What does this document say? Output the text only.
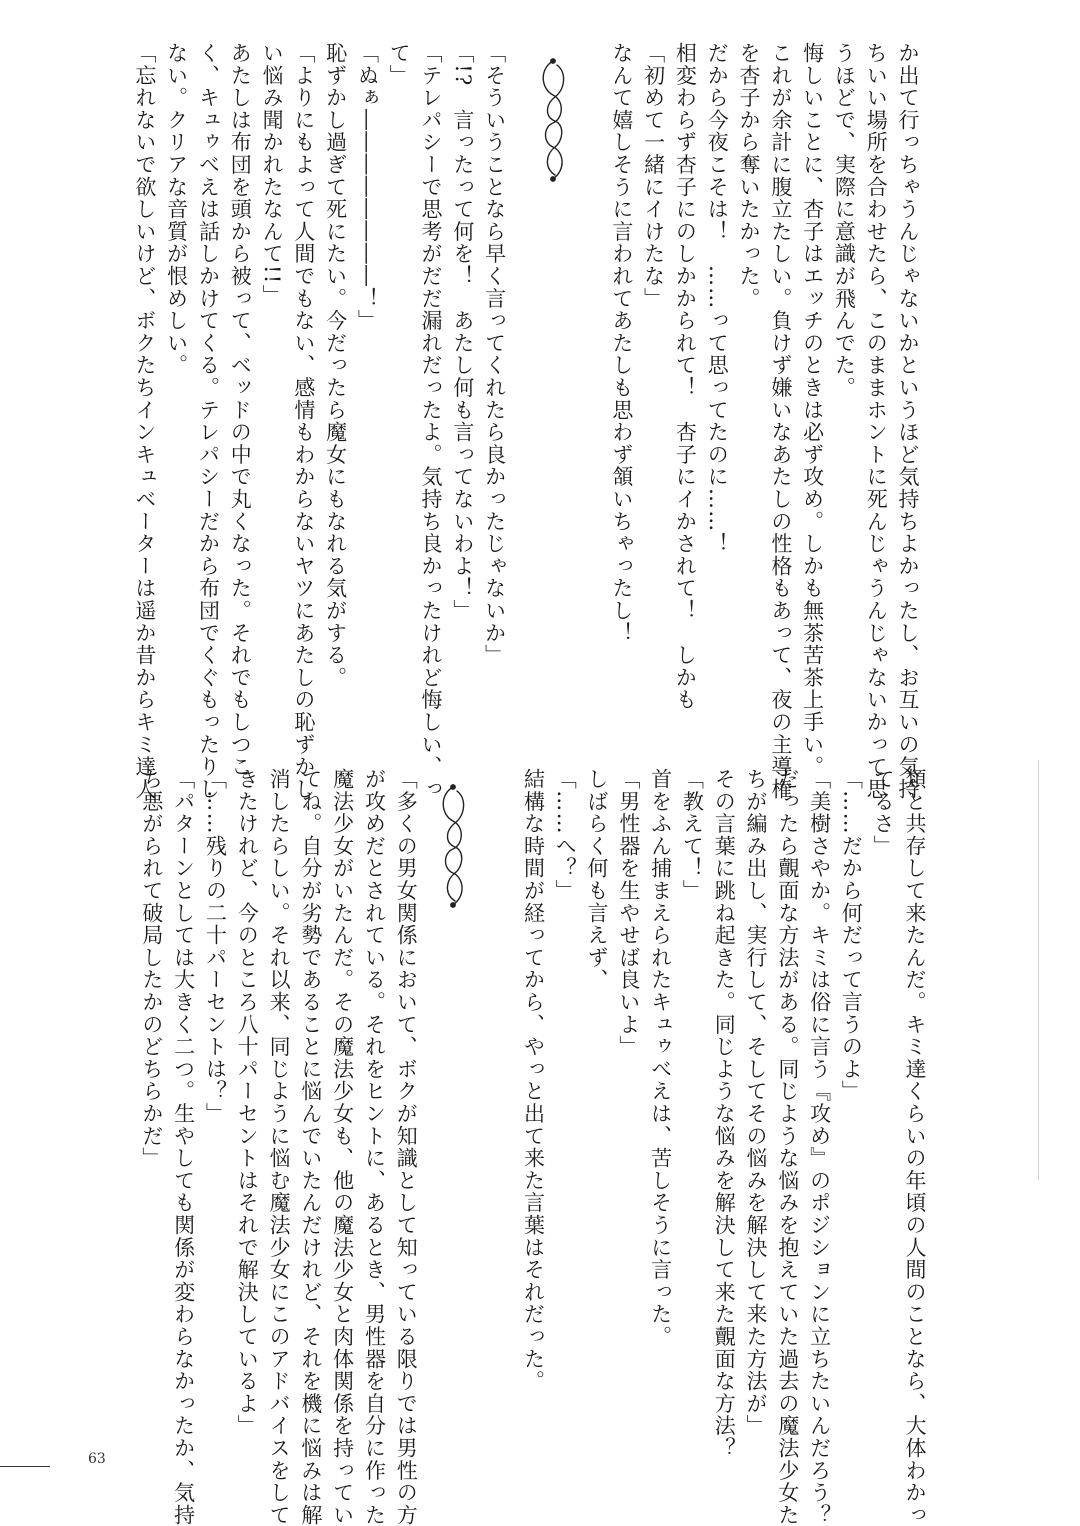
か出て行っちゃうんじゃないかというほど気持ちよかったし、お互いの気持

ちいい場所を合わせたら、このままホントに死んじゃうんじゃないかって思

うほどで、実際に意識が飛んでた。

悔しいことに、杏子はエッチのときは必ず攻め。しかも無茶苦茶上手い。

これが余計に腹立たしい。負けず嫌いなあたしの性格もあって、夜の主導権

を杏子から奪いたかった。

だから今夜こそは！　……って思ってたのに……！

相変わらず杏子にのしかかられて！　杏子にイかされて！　しかも

「初めて一緒にイけたな」

なんて嬉しそうに言われてあたしも思わず頷いちゃったし！

「そういうことなら早く言ってくれたら良かったじゃないか」

「!?　言ったって何を！　あたし何も言ってないわよ！」

「テレパシーで思考がだだ漏れだったよ。気持ち良かったけれど悔しい、っ

て」

「ぬぁ――――――――！」

恥ずかし過ぎて死にたい。今だったら魔女にもなれる気がする。

「よりにもよって人間でもない、感情もわからないヤツにあたしの恥ずかし

い悩み聞かれたなんて!!」

あたしは布団を頭から被って、ベッドの中で丸くなった。それでもしつこ

く、キュゥべえは話しかけてくる。テレパシーだから布団でくぐもったりし

ない。クリアな音質が恨めしい。

「忘れないで欲しいけど、ボクたちインキュベーターは遥か昔からキミ達人

類と共存して来たんだ。キミ達くらいの年頃の人間のことなら、大体わかっ

てるさ」

「……だから何だって言うのよ」

「美樹さやか。キミは俗に言う『攻め』のポジションに立ちたいんだろう？

だったら覿面な方法がある。同じような悩みを抱えていた過去の魔法少女た

ちが編み出し、実行して、そしてその悩みを解決して来た方法が」

その言葉に跳ね起きた。同じような悩みを解決して来た覿面な方法？

「教えて！」

首をふん捕まえられたキュゥべえは、苦しそうに言った。

「男性器を生やせば良いよ」

しばらく何も言えず、

「……へ？」

結構な時間が経ってから、やっと出て来た言葉はそれだった。

「多くの男女関係において、ボクが知識として知っている限りでは男性の方

が攻めだとされている。それをヒントに、あるとき、男性器を自分に作った

魔法少女がいたんだ。その魔法少女も、他の魔法少女と肉体関係を持ってい

てね。自分が劣勢であることに悩んでいたんだけれど、それを機に悩みは解

消したらしい。それ以来、同じように悩む魔法少女にこのアドバイスをして

きたけれど、今のところ八十パーセントはそれで解決しているよ」

「……残りの二十パーセントは？」

「パターンとしては大きく二つ。生やしても関係が変わらなかったか、気持

ち悪がられて破局したかのどちらかだ」

63
